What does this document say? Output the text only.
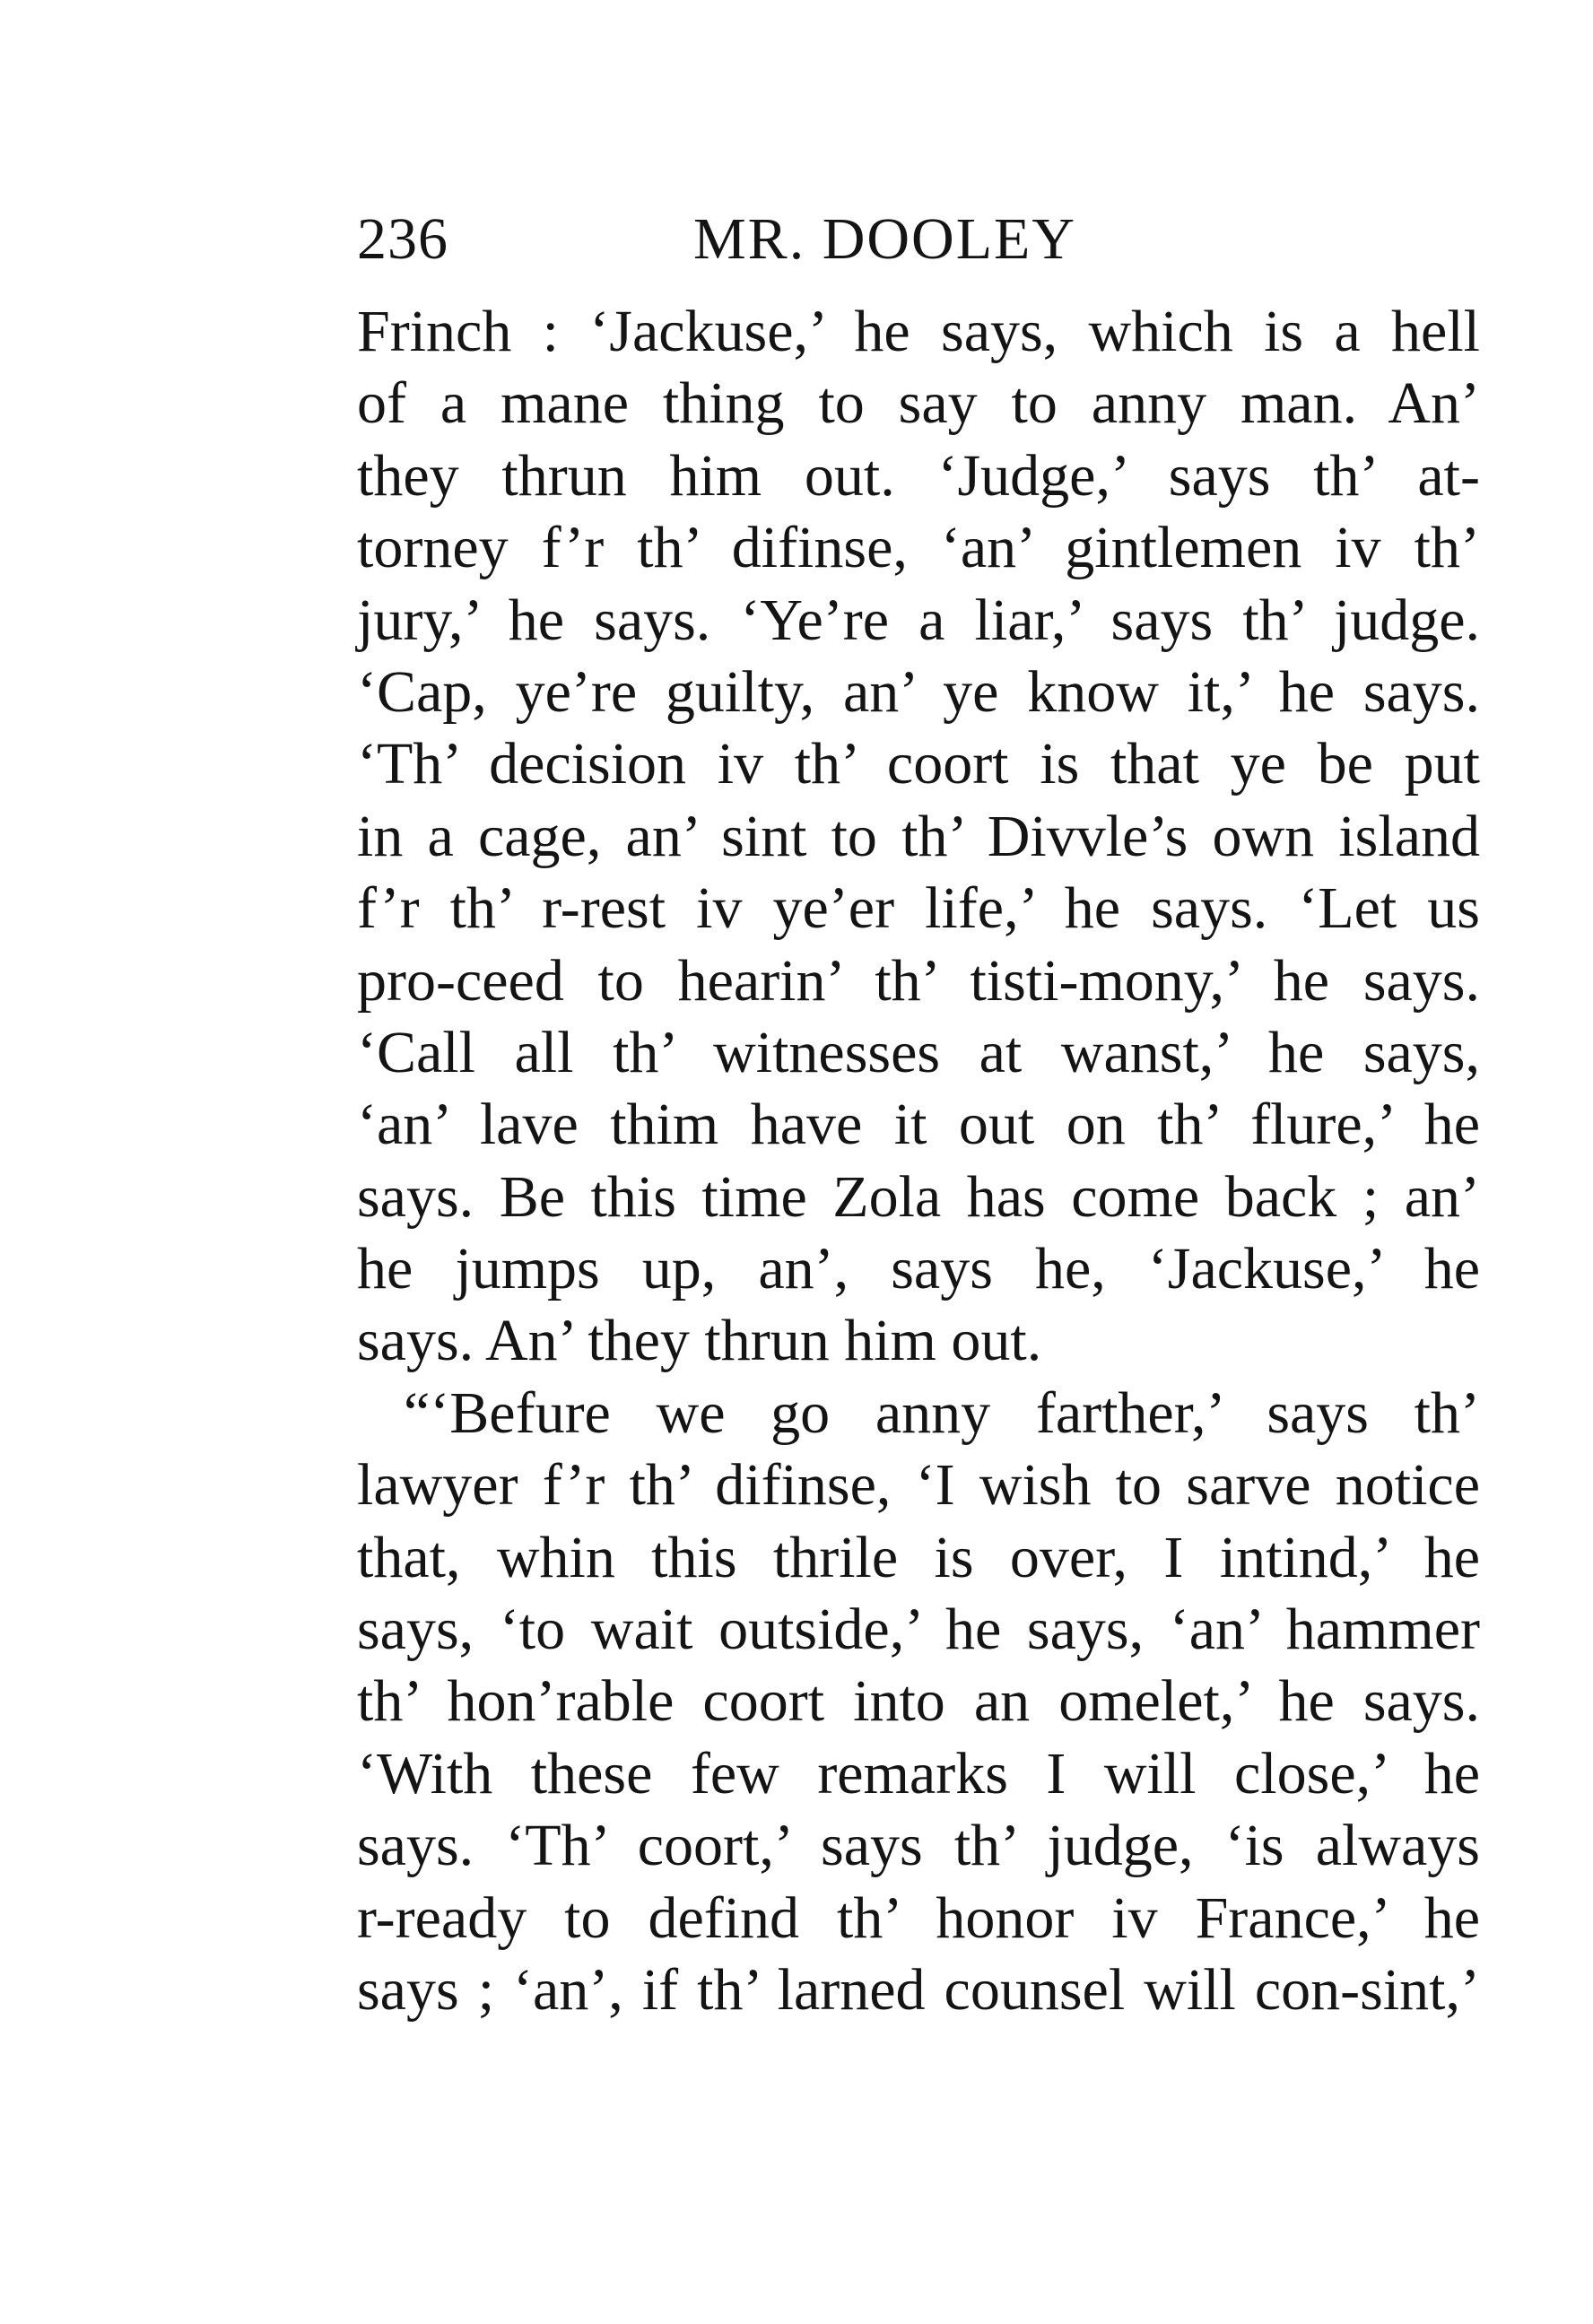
236	MR. DOOLEY
Frinch : ‘Jackuse,’ he says, which is a hell
of a mane thing to say to anny man. An’
they thrun him out. ‘Judge,’ says th’ at-
torney f’r th’ difinse, ‘an’ gintlemen iv th’
jury,’ he says. ‘Ye’re a liar,’ says th’ judge.
‘Cap, ye’re guilty, an’ ye know it,’ he says.
‘Th’ decision iv th’ coort is that ye be put
in a cage, an’ sint to th’ Divvle’s own island
f’r th’ r-rest iv ye’er life,’ he says. ‘Let us
pro-ceed to hearin’ th’ tisti-mony,’ he says.
‘Call all th’ witnesses at wanst,’ he says,
‘an’ lave thim have it out on th’ flure,’ he
says. Be this time Zola has come back ; an’
he jumps up, an’, says he, ‘Jackuse,’ he
says. An’ they thrun him out.
“‘Befure we go anny farther,’ says th’
lawyer f’r th’ difinse, ‘I wish to sarve notice
that, whin this thrile is over, I intind,’ he
says, ‘to wait outside,’ he says, ‘an’ hammer
th’ hon’rable coort into an omelet,’ he says.
‘With these few remarks I will close,’ he
says. ‘Th’ coort,’ says th’ judge, ‘is always
r-ready to defind th’ honor iv France,’ he
says ; ‘an’, if th’ larned counsel will con-sint,’
